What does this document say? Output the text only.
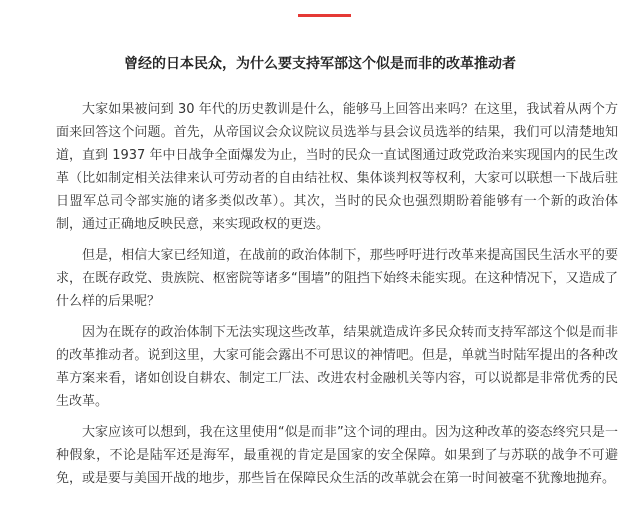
曾经的日本民众，为什么要支持军部这个似是而非的改革推动者

大家如果被问到 30 年代的历史教训是什么，能够马上回答出来吗？在这里，我试着从两个方面来回答这个问题。首先，从帝国议会众议院议员选举与县会议员选举的结果，我们可以清楚地知道，直到 1937 年中日战争全面爆发为止，当时的民众一直试图通过政党政治来实现国内的民生改革（比如制定相关法律来认可劳动者的自由结社权、集体谈判权等权利，大家可以联想一下战后驻日盟军总司令部实施的诸多类似改革）。其次，当时的民众也强烈期盼着能够有一个新的政治体制，通过正确地反映民意，来实现政权的更迭。

但是，相信大家已经知道，在战前的政治体制下，那些呼吁进行改革来提高国民生活水平的要求，在既存政党、贵族院、枢密院等诸多“围墙”的阻挡下始终未能实现。在这种情况下，又造成了什么样的后果呢？

因为在既存的政治体制下无法实现这些改革，结果就造成许多民众转而支持军部这个似是而非的改革推动者。说到这里，大家可能会露出不可思议的神情吧。但是，单就当时陆军提出的各种改革方案来看，诸如创设自耕农、制定工厂法、改进农村金融机关等内容，可以说都是非常优秀的民生改革。

大家应该可以想到，我在这里使用“似是而非”这个词的理由。因为这种改革的姿态终究只是一种假象，不论是陆军还是海军，最重视的肯定是国家的安全保障。如果到了与苏联的战争不可避免，或是要与美国开战的地步，那些旨在保障民众生活的改革就会在第一时间被毫不犹豫地抛弃。
